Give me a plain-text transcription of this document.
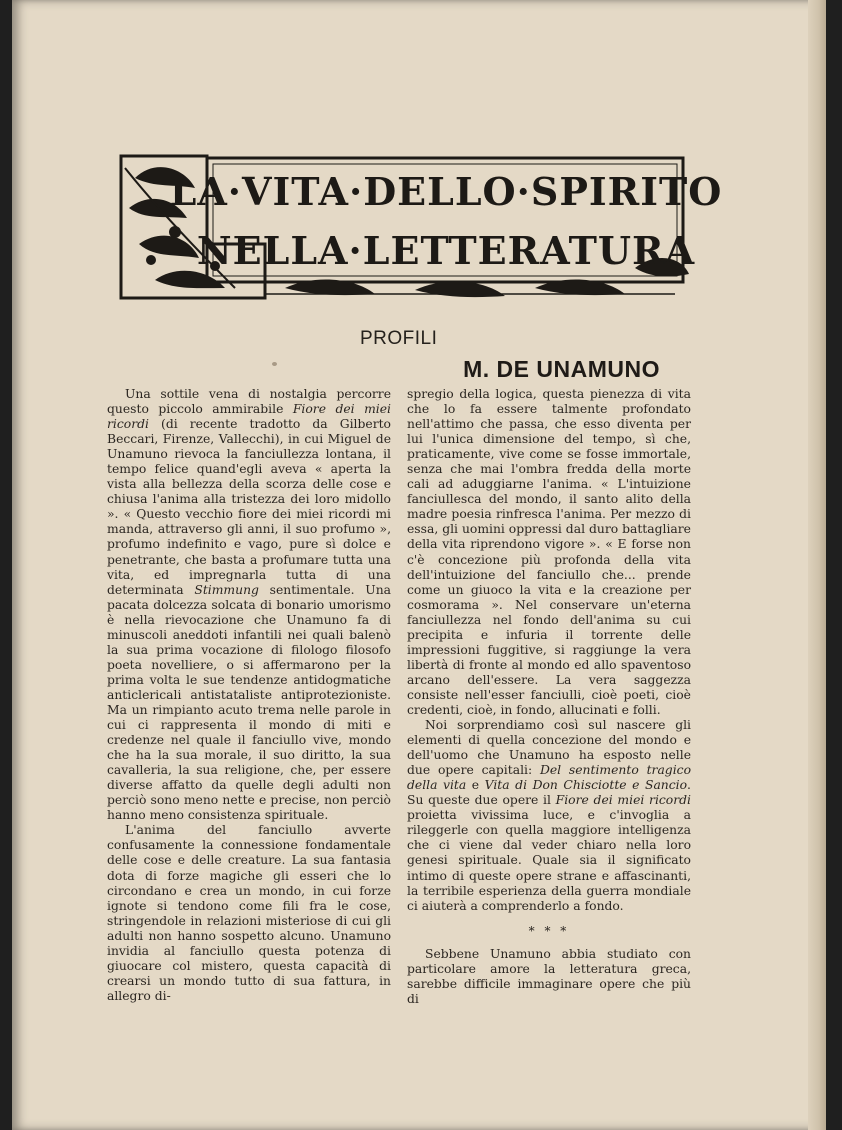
LA·VITA·DELLO·SPIRITO
NELLA·LETTERATURA
PROFILI
M. DE UNAMUNO

Una sottile vena di nostalgia percorre questo piccolo ammirabile Fiore dei miei ricordi (di recente tradotto da Gilberto Beccari, Firenze, Vallecchi), in cui Miguel de Unamuno rievoca la fanciullezza lontana, il tempo felice quand'egli aveva « aperta la vista alla bellezza della scorza delle cose e chiusa l'anima alla tristezza dei loro midollo ». « Questo vecchio fiore dei miei ricordi mi manda, attraverso gli anni, il suo profumo », profumo indefinito e vago, pure sì dolce e penetrante, che basta a profumare tutta una vita, ed impregnarla tutta di una determinata Stimmung sentimentale. Una pacata dolcezza solcata di bonario umorismo è nella rievocazione che Unamuno fa di minuscoli aneddoti infantili nei quali balenò la sua prima vocazione di filologo filosofo poeta novelliere, o si affermarono per la prima volta le sue tendenze antidogmatiche anticlericali antistatalistе antiprotezioniste. Ma un rimpianto acuto trema nelle parole in cui ci rappresenta il mondo di miti e credenze nel quale il fanciullo vive, mondo che ha la sua morale, il suo diritto, la sua cavalleria, la sua religione, che, per essere diverse affatto da quelle degli adulti non perciò sono meno nette e precise, non perciò hanno meno consistenza spirituale.

L'anima del fanciullo avverte confusamente la connessione fondamentale delle cose e delle creature. La sua fantasia dota di forze magiche gli esseri che lo circondano e crea un mondo, in cui forze ignote si tendono come fili fra le cose, stringendole in relazioni misteriose di cui gli adulti non hanno sospetto alcuno. Unamuno invidia al fanciullo questa potenza di giuocare col mistero, questa capacità di crearsi un mondo tutto di sua fattura, in allegro di-

spregio della logica, questa pienezza di vita che lo fa essere talmente profondato nell'attimo che passa, che esso diventa per lui l'unica dimensione del tempo, sì che, praticamente, vive come se fosse immortale, senza che mai l'ombra fredda della morte cali ad aduggiarne l'anima. « L'intuizione fanciullesca del mondo, il santo alito della madre poesia rinfresca l'anima. Per mezzo di essa, gli uomini oppressi dal duro battagliare della vita riprendono vigore ». « E forse non c'è concezione più profonda della vita dell'intuizione del fanciullo che... prende come un giuoco la vita e la creazione per cosmorama ». Nel conservare un'eterna fanciullezza nel fondo dell'anima su cui precipita e infuria il torrente delle impressioni fuggitive, si raggiunge la vera libertà di fronte al mondo ed allo spaventoso arcano dell'essere. La vera saggezza consiste nell'esser fanciulli, cioè poeti, cioè credenti, cioè, in fondo, allucinati e folli.

Noi sorprendiamo così sul nascere gli elementi di quella concezione del mondo e dell'uomo che Unamuno ha esposto nelle due opere capitali: Del sentimento tragico della vita e Vita di Don Chisciotte e Sancio. Su queste due opere il Fiore dei miei ricordi proietta vivissima luce, e c'invoglia a rileggerle con quella maggiore intelligenza che ci viene dal veder chiaro nella loro genesi spirituale. Quale sia il significato intimo di queste opere strane e affascinanti, la terribile esperienza della guerra mondiale ci aiuterà a comprenderlo a fondo.

* * *

Sebbene Unamuno abbia studiato con particolare amore la letteratura greca, sarebbe difficile immaginare opere che più di
